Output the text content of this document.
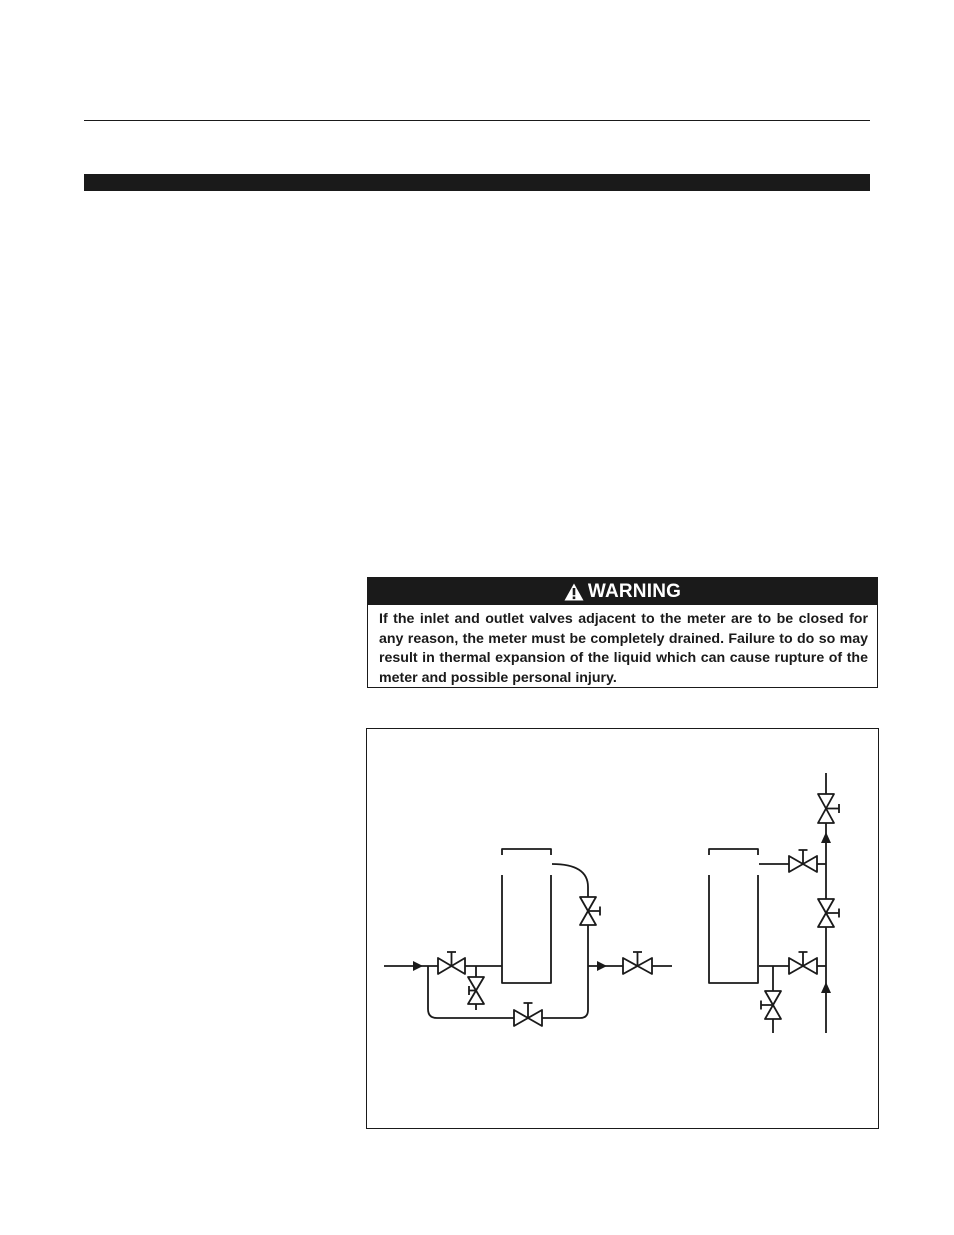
WARNING
If the inlet and outlet valves adjacent to the meter are to be closed for any reason, the meter must be completely drained. Failure to do so may result in thermal expansion of the liquid which can cause rupture of the meter and possible personal injury.
